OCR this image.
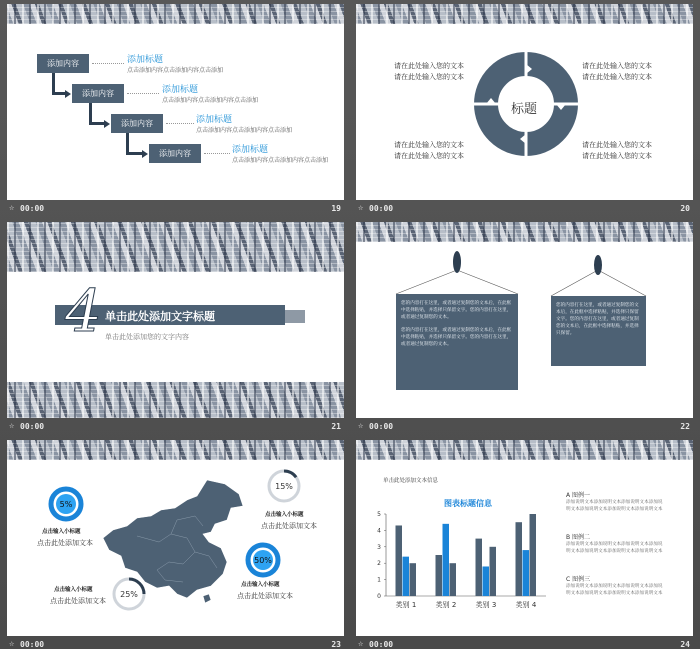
添加内容
添加内容
添加内容
添加内容
添加标题
点击添加内容点击添加内容点击添加
添加标题
点击添加内容点击添加内容点击添加
添加标题
点击添加内容点击添加内容点击添加
添加标题
点击添加内容点击添加内容点击添加
☆ 00:00	19
标题
请在此处输入您的文本
请在此处输入您的文本
请在此处输入您的文本
请在此处输入您的文本
请在此处输入您的文本
请在此处输入您的文本
请在此处输入您的文本
请在此处输入您的文本
☆ 00:00	20
4 单击此处添加文字标题
单击此处添加您的文字内容
☆ 00:00	21
您的内容打在这里，或者通过复制您的文本后，在此框中选择粘贴，并选择只保留文字。您的内容打在这里，或者通过复制您的文本。
您的内容打在这里，或者通过复制您的文本后，在此框中选择粘贴，并选择只保留文字。您的内容打在这里，或者通过复制您的文本。
您的内容打在这里，或者通过复制您的文本后，在此框中选择粘贴，并选择只保留文字。您的内容打在这里，或者通过复制您的文本后，在此框中选择粘贴，并选择只保留。
☆ 00:00	22
5%
15%
50%
25%
点击输入小标题
点击此处添加文本
点击输入小标题
点击此处添加文本
点击输入小标题
点击此处添加文本
点击输入小标题
点击此处添加文本
☆ 00:00	23
单击此处添加文本信息
图表标题信息
0
1
2
3
4
5
类别 1	类别 2	类别 3	类别 4
A 图例一
添加说明文本添加说明文本添加说明文本添加说明文本添加说明文本添加说明文本添加说明文本
B 图例二
添加说明文本添加说明文本添加说明文本添加说明文本添加说明文本添加说明文本添加说明文本
C 图例三
添加说明文本添加说明文本添加说明文本添加说明文本添加说明文本添加说明文本添加说明文本
☆ 00:00	24
